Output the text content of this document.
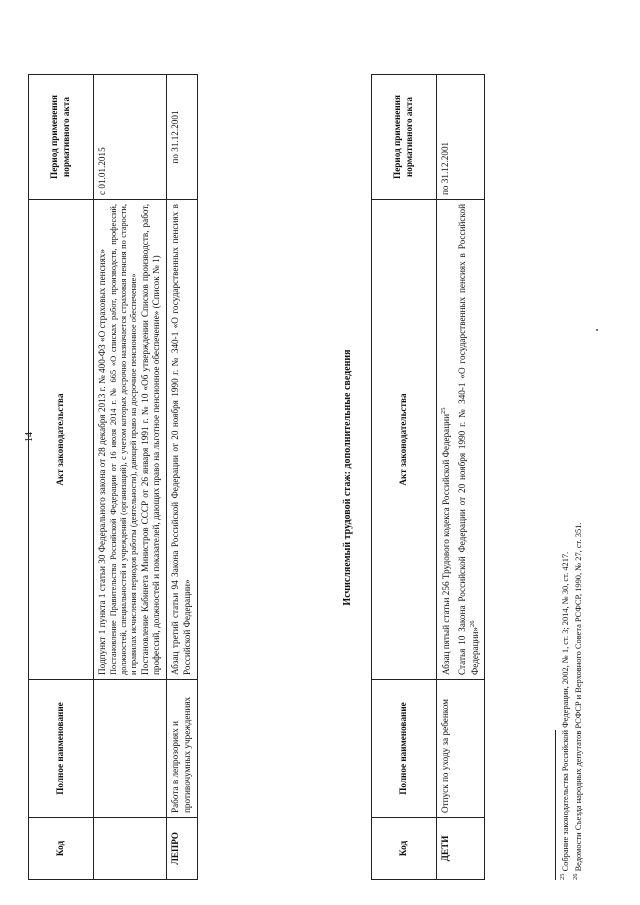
14
Код	Полное наименование	Акт законодательства	Период применения нормативного акта

		Подпункт 1 пункта 1 статьи 30 Федерального закона от 28 декабря 2013 г. № 400-ФЗ «О страховых пенсиях» Постановление Правительства Российской Федерации от 16 июля 2014 г. № 665 «О списках работ, производств, профессий, должностей, специальностей и учреждений (организаций), с учетом которых досрочно назначается страховая пенсия по старости, и правилах исчисления периодов работы (деятельности), дающей право на досрочное пенсионное обеспечение» Постановление Кабинета Министров СССР от 26 января 1991 г. № 10 «Об утверждении Списков производств, работ, профессий, должностей и показателей, дающих право на льготное пенсионное обеспечение» (Список № 1)	с 01.01.2015
ЛЕПРО	Работа в лепрозориях и противочумных учреждениях	Абзац третий статьи 94 Закона Российской Федерации от 20 ноября 1990 г. № 340-1 «О государственных пенсиях в Российской Федерации»	по 31.12.2001
Исчисляемый трудовой стаж: дополнительные сведения
Код	Полное наименование	Акт законодательства	Период применения нормативного акта
ДЕТИ	Отпуск по уходу за ребенком	Абзац пятый статьи 256 Трудового кодекса Российской Федерации$^{25}$ Статья 10 Закона Российской Федерации от 20 ноября 1990 г. № 340-1 «О государственных пенсиях в Российской Федерации»$^{26}$	по 31.12.2001
$^{25}$ Собрание законодательства Российской Федерации, 2002, № 1, ст. 3; 2014, № 30, ст. 4217.
$^{26}$ Ведомости Съезда народных депутатов РСФСР и Верховного Совета РСФСР, 1990, № 27, ст. 351.
